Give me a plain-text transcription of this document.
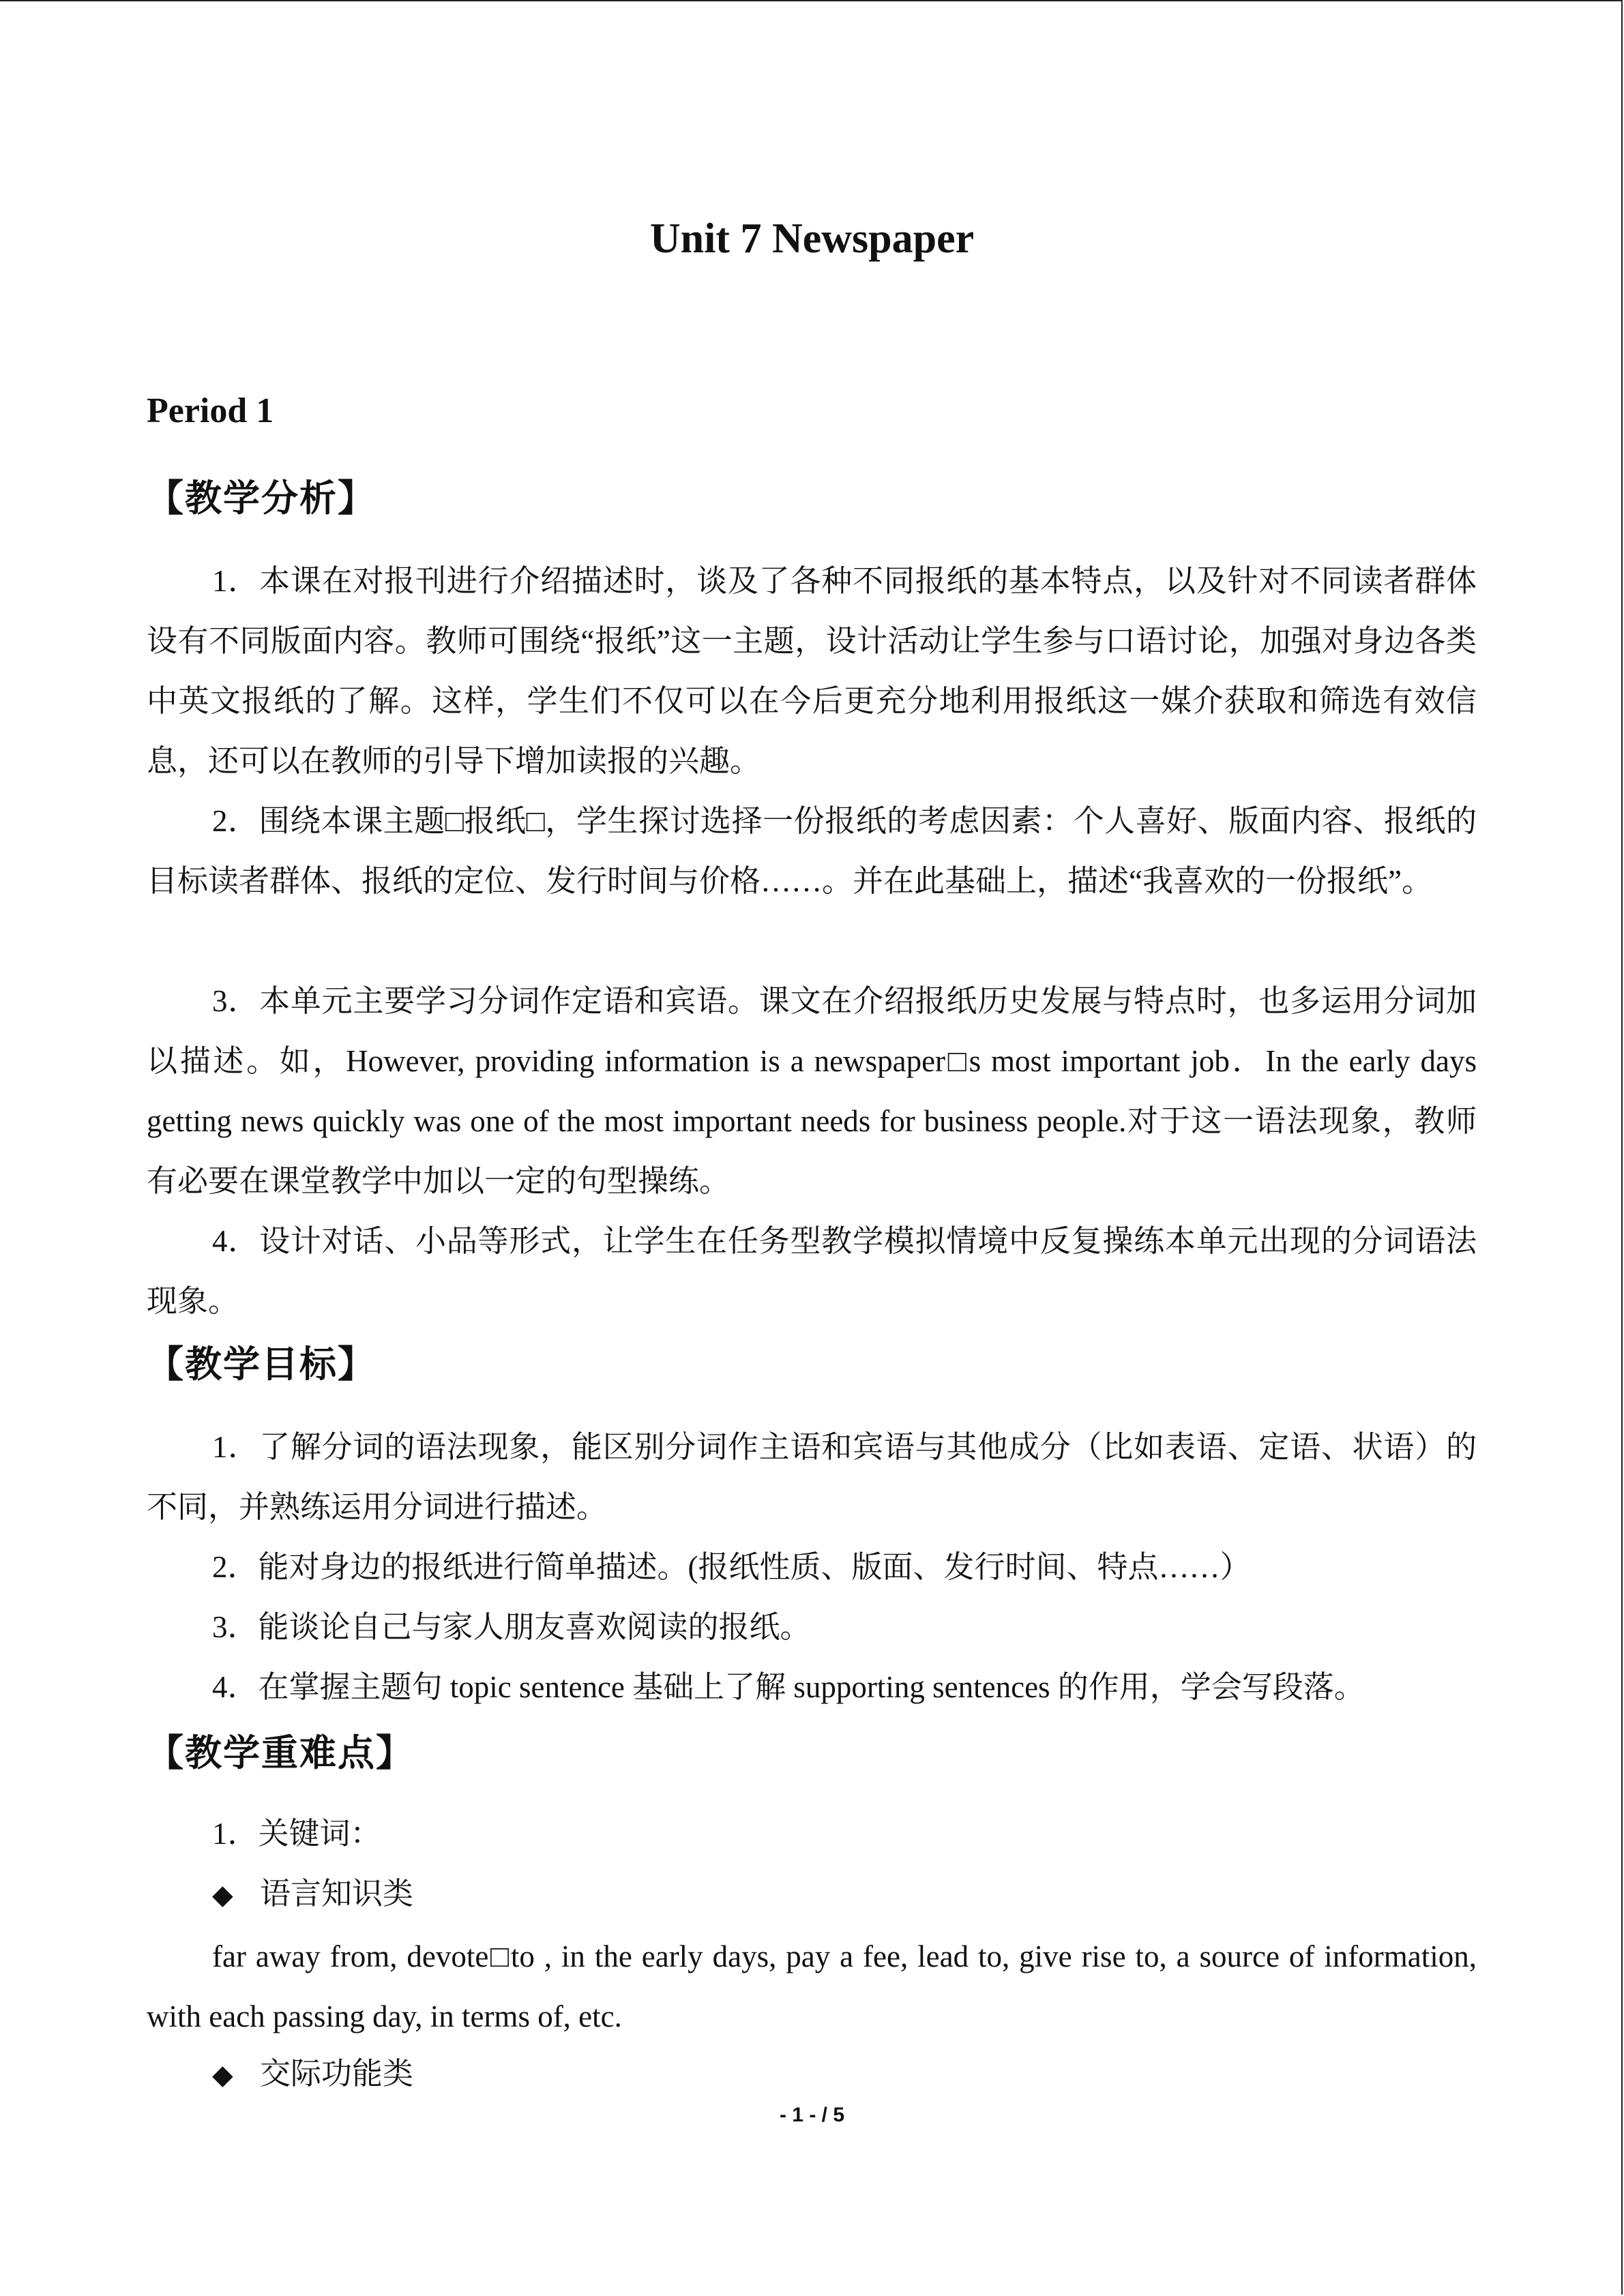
Unit 7 Newspaper
Period 1
【教学分析】
1．本课在对报刊进行介绍描述时，谈及了各种不同报纸的基本特点，以及针对不同读者群体设有不同版面内容。教师可围绕“报纸”这一主题，设计活动让学生参与口语讨论，加强对身边各类中英文报纸的了解。这样，学生们不仅可以在今后更充分地利用报纸这一媒介获取和筛选有效信息，还可以在教师的引导下增加读报的兴趣。
2．围绕本课主题□报纸□，学生探讨选择一份报纸的考虑因素：个人喜好、版面内容、报纸的目标读者群体、报纸的定位、发行时间与价格……。并在此基础上，描述“我喜欢的一份报纸”。
3．本单元主要学习分词作定语和宾语。课文在介绍报纸历史发展与特点时，也多运用分词加以描述。如，However, providing information is a newspaper□s most important job．In the early days getting news quickly was one of the most important needs for business people.对于这一语法现象，教师有必要在课堂教学中加以一定的句型操练。
4．设计对话、小品等形式，让学生在任务型教学模拟情境中反复操练本单元出现的分词语法现象。
【教学目标】
1．了解分词的语法现象，能区别分词作主语和宾语与其他成分（比如表语、定语、状语）的不同，并熟练运用分词进行描述。
2．能对身边的报纸进行简单描述。(报纸性质、版面、发行时间、特点……）
3．能谈论自己与家人朋友喜欢阅读的报纸。
4．在掌握主题句 topic sentence 基础上了解 supporting sentences 的作用，学会写段落。
【教学重难点】
1．关键词：
◆ 语言知识类
far away from, devote□to , in the early days, pay a fee, lead to, give rise to, a source of information, with each passing day, in terms of, etc.
◆ 交际功能类
- 1 - / 5
